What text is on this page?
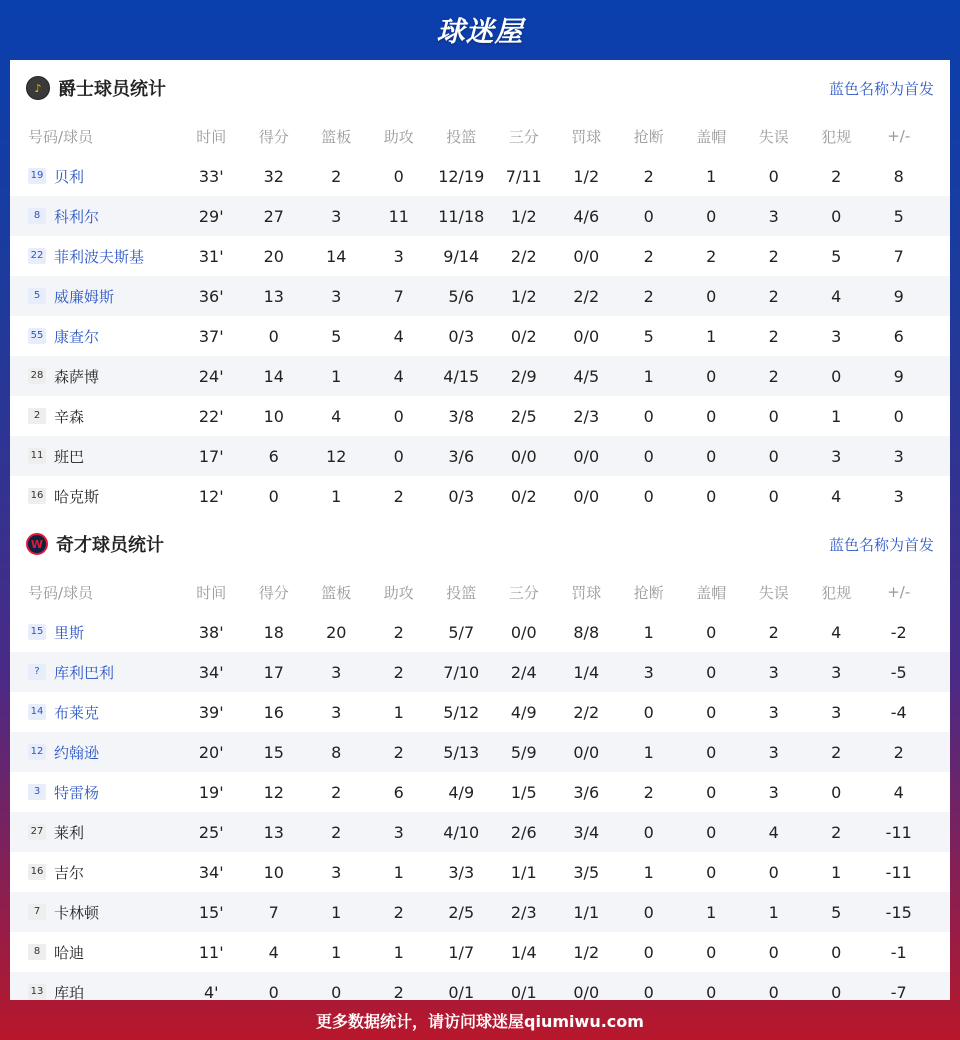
球迷屋
♪ 爵士球员统计	蓝色名称为首发
号码/球员	时间	得分	篮板	助攻	投篮	三分	罚球	抢断	盖帽	失误	犯规	+/-
19 贝利	33'	32	2	0	12/19	7/11	1/2	2	1	0	2	8
8 科利尔	29'	27	3	11	11/18	1/2	4/6	0	0	3	0	5
22 菲利波夫斯基	31'	20	14	3	9/14	2/2	0/0	2	2	2	5	7
5 威廉姆斯	36'	13	3	7	5/6	1/2	2/2	2	0	2	4	9
55 康查尔	37'	0	5	4	0/3	0/2	0/0	5	1	2	3	6
28 森萨博	24'	14	1	4	4/15	2/9	4/5	1	0	2	0	9
2 辛森	22'	10	4	0	3/8	2/5	2/3	0	0	0	1	0
11 班巴	17'	6	12	0	3/6	0/0	0/0	0	0	0	3	3
16 哈克斯	12'	0	1	2	0/3	0/2	0/0	0	0	0	4	3
W 奇才球员统计	蓝色名称为首发
号码/球员	时间	得分	篮板	助攻	投篮	三分	罚球	抢断	盖帽	失误	犯规	+/-
15 里斯	38'	18	20	2	5/7	0/0	8/8	1	0	2	4	-2
? 库利巴利	34'	17	3	2	7/10	2/4	1/4	3	0	3	3	-5
14 布莱克	39'	16	3	1	5/12	4/9	2/2	0	0	3	3	-4
12 约翰逊	20'	15	8	2	5/13	5/9	0/0	1	0	3	2	2
3 特雷杨	19'	12	2	6	4/9	1/5	3/6	2	0	3	0	4
27 莱利	25'	13	2	3	4/10	2/6	3/4	0	0	4	2	-11
16 吉尔	34'	10	3	1	3/3	1/1	3/5	1	0	0	1	-11
7 卡林顿	15'	7	1	2	2/5	2/3	1/1	0	1	1	5	-15
8 哈迪	11'	4	1	1	1/7	1/4	1/2	0	0	0	0	-1
13 库珀	4'	0	0	2	0/1	0/1	0/0	0	0	0	0	-7
更多数据统计，请访问球迷屋qiumiwu.com
